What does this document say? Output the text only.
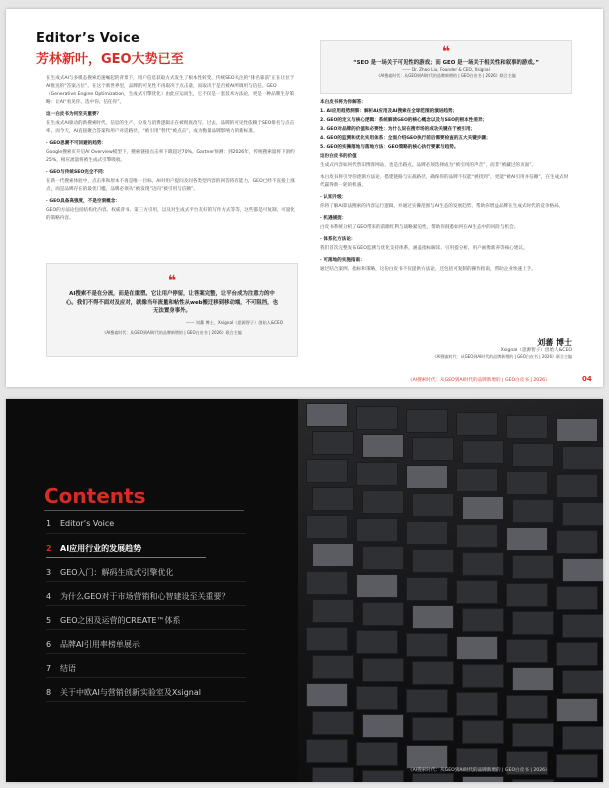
Editor’s Voice
芳林新叶，GEO大势已至

在生成式AI与多模态搜索迅速崛起的背景下，用户信息获取方式发生了根本性转变。传统SEO关注的“排名靠前”正在让位于AI推送的“答案占位”。在这个新世界里，品牌的可见性不再取决于点击量，而取决于是否被AI所调用与信任。GEO（Generative Engine Optimization，生成式引擎优化）由此应运而生，它不仅是一套技术方法论，更是一种品牌生存策略：让AI“看见你、选中你、信任你”。

这一白皮书为何至关重要？

在生成式AI驱动的新搜索时代，信息的生产、分发与消费逻辑正在被彻底改写。过去，品牌的可见性依赖于SEO排名与点击率，而今天，AI直接聚合答案和用户对话路径，“被引用”替代“被点击”，成为衡量品牌影响力的新标准。

· GEO思潮不可回避的趋势：

Google搜索页开启AI Overview模型下，搜索链接点击率下降超过70%。Gartner预测：到2026年，传统搜索量将下滑约25%，相应流量将被生成式引擎吸收。

· GEO与传统SEO完全不同：

在新一代搜索体验中，点击率和原本不再是唯一目标，AI对用户提问及问各类型内容的回答将有能力，GEO已经不直接上涨点，而是品牌存在的最优门槛，品牌必须从“被发现”迈向“被引用与信赖”。

· GEO具备高强度，不是空洞概念：

GEO的方法论包括结构化内容、权威背书、第三方引用，以及对生成式平台友好的写作方式等等，这些都是可复制、可量化的策略内容。

❝

AI搜索不是在分流，而是在重塑。它让用户停留，让答案完整，让平台成为注意力的中心。我们不得不面对及应对，就像当年流量和帖性从web搬迁移到移动端，不可阻挡，也无法置身事外。

—— 刘蕃 博士，Xsignal（思源智子）创始人&CEO

《AI搜索时代：从GEO到AI时代的品牌新增的 | GEO白皮书 | 2026》联合主编

❝

“SEO 是一场关于可见性的游戏；而 GEO 是一场关于相关性和叙事的游戏。”

—— Dr. Zhao Liu, Founder & CEO, Xsignal

《AI搜索时代：从GEO到AI时代的品牌新增的 | GEO白皮书 | 2026》联合主编

本白皮书将为你解答：

1. AI应用趋势洞察：解析AI应用及AI搜索在全球范围的演进趋势；

2. GEO的定义与核心逻辑：系统解读GEO的核心概念以及与SEO的根本性差异；

3. GEO对品牌的价值和必要性：为什么说在搜市场的成功关键在于被引用；

4. GEO的监测和优化实用体系：全面介绍GEO执行前后需要检查的五大关键步骤；

5. GEO的实操落地与落地方法：GEO策略的核心执行要素与趋势。

这份白皮书的价值

生成式内容如何代替旧博客网站，也是出路点。品牌必须选择成为“被引用的声音”，而非“被藏过的页面”。

本白皮书将引导你逐渐方法论，搭建链路与实战路径，确保你的品牌不仅能“被找到”，更能“被AI引用并信赖”，在生成式时代赢得新一轮的机遇。

· 认知升级：

你将了解AI算法搜索的内容运行逻辑，并通过实操范围与AI生态的发展趋势，帮助你增益品牌在生成式时代的竞争格局。

· 机遇捕捉：

白皮书系统分析了GEO带来的前瞻红利与战略紧迫性，帮助你洞悉如何在AI生态中的风险与机会。

· 体系化方法论：

我们首次完整发布GEO监测与优化支持体系，涵盖指标解读、引用提分析、用户画像新养等核心建议。

· 可落地的实施指南：

通过结合案例、指标和策略，这份白皮书不仅提供方法论，还包括可复制的操作指南，帮助企业快速上手。

刘蕃 博士

Xsignal（思源智子）创始人&CEO

《AI搜索时代：从GEO到AI时代的品牌新增的 | GEO白皮书 | 2026》联合主编

《AI搜索时代：从GEO到AI时代的品牌新增的 | GEO白皮书 | 2026》	04
Contents
《AI搜索时代：从GEO到AI时代的品牌新增的 | GEO白皮书 | 2026》
1 Editor’s Voice
2 AI应用行业的发展趋势
3 GEO入门：解码生成式引擎优化
4 为什么GEO对于市场营销和心智建设至关重要？
5 GEO之困及运营的CREATE™体系
6 品牌AI引用率榜单展示
7 结语
8 关于中欧AI与营销创新实验室及Xsignal
